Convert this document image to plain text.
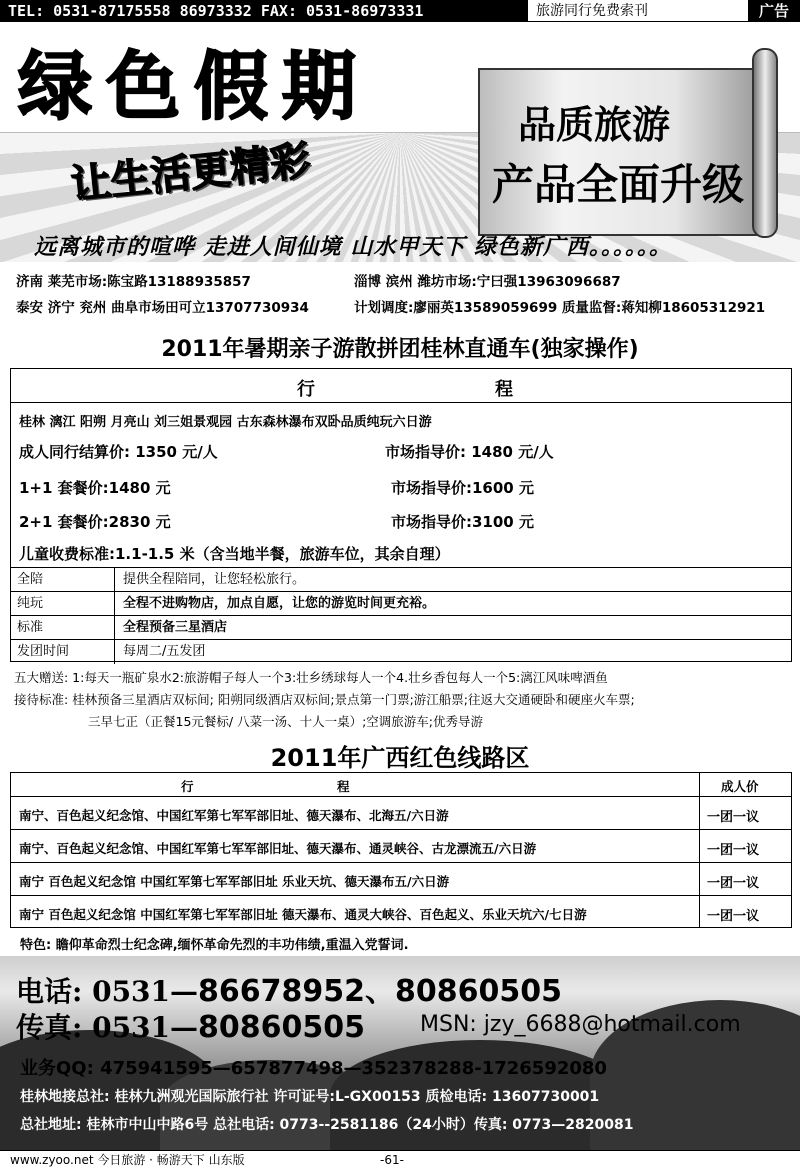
TEL: 0531-87175558 86973332 FAX: 0531-86973331	旅游同行免费索刊	广告
绿色假期
让生活更精彩
品质旅游
产品全面升级
远离城市的喧哗 走进人间仙境 山水甲天下 绿色新广西。。。。。。
济南 莱芜市场:陈宝路13188935857	淄博 滨州 潍坊市场:宁曰强13963096687
泰安 济宁 兖州 曲阜市场田可立13707730934	计划调度:廖丽英13589059699 质量监督:蒋知柳18605312921
2011年暑期亲子游散拼团桂林直通车(独家操作)
行	程
桂林 漓江 阳朔 月亮山 刘三姐景观园 古东森林瀑布双卧品质纯玩六日游
成人同行结算价: 1350 元/人	市场指导价: 1480 元/人
1+1 套餐价:1480 元	市场指导价:1600 元
2+1 套餐价:2830 元	市场指导价:3100 元
儿童收费标准:1.1-1.5 米（含当地半餐，旅游车位，其余自理）
全陪	提供全程陪同，让您轻松旅行。
纯玩	全程不进购物店，加点自愿，让您的游览时间更充裕。
标准	全程预备三星酒店
发团时间	每周二/五发团
五大赠送: 1:每天一瓶矿泉水2:旅游帽子每人一个3:壮乡绣球每人一个4.壮乡香包每人一个5:漓江风味啤酒鱼
接待标准: 桂林预备三星酒店双标间; 阳朔同级酒店双标间;景点第一门票;游江船票;往返大交通硬卧和硬座火车票;
三早七正（正餐15元餐标/ 八菜一汤、十人一桌）;空调旅游车;优秀导游
2011年广西红色线路区
行	程	成人价
南宁、百色起义纪念馆、中国红军第七军军部旧址、德天瀑布、北海五/六日游	一团一议
南宁、百色起义纪念馆、中国红军第七军军部旧址、德天瀑布、通灵峡谷、古龙漂流五/六日游	一团一议
南宁 百色起义纪念馆 中国红军第七军军部旧址 乐业天坑、德天瀑布五/六日游	一团一议
南宁 百色起义纪念馆 中国红军第七军军部旧址 德天瀑布、通灵大峡谷、百色起义、乐业天坑六/七日游	一团一议
特色: 瞻仰革命烈士纪念碑,缅怀革命先烈的丰功伟绩,重温入党誓词.
电话: 0531—86678952、80860505
传真: 0531—80860505 MSN: jzy_6688@hotmail.com
业务QQ: 475941595—657877498—352378288-1726592080
桂林地接总社: 桂林九洲观光国际旅行社 许可证号:L-GX00153 质检电话: 13607730001
总社地址: 桂林市中山中路6号 总社电话: 0773--2581186（24小时）传真: 0773—2820081
www.zyoo.net 今日旅游 · 畅游天下 山东版	-61-
